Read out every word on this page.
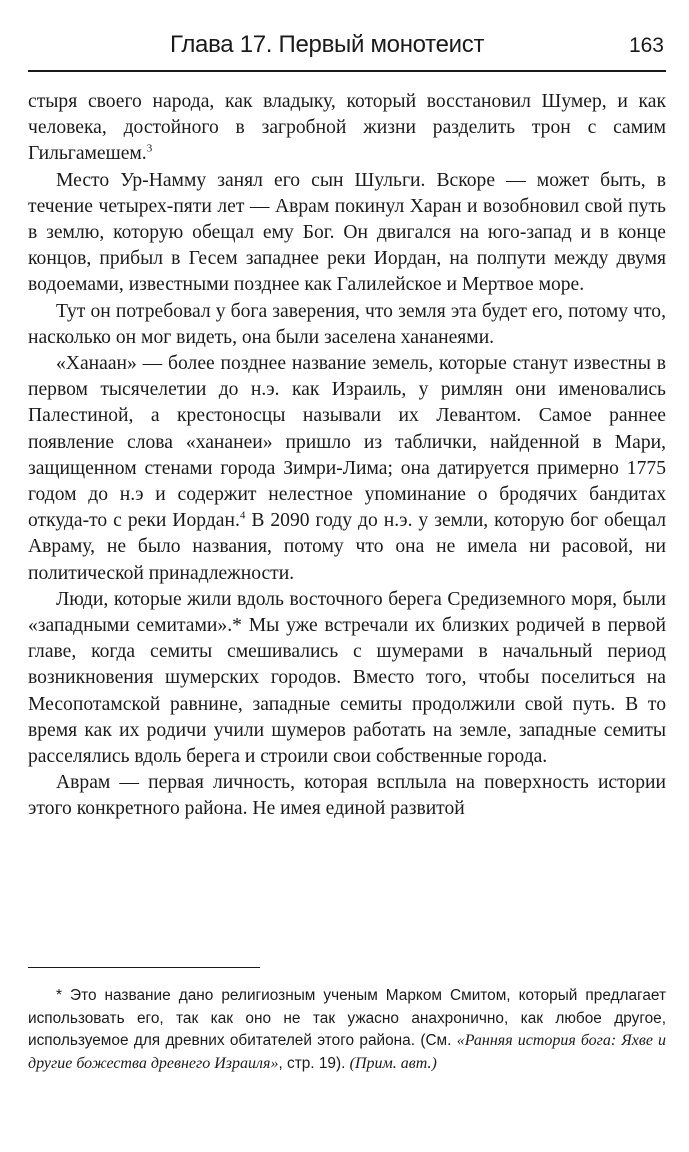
Глава 17. Первый монотеист	163

стыря своего народа, как владыку, который восстановил Шумер, и как человека, достойного в загробной жизни разделить трон с самим Гильгамешем.$^3$

Место Ур-Намму занял его сын Шульги. Вскоре — может быть, в течение четырех-пяти лет — Аврам покинул Харан и возобновил свой путь в землю, которую обещал ему Бог. Он двигался на юго-запад и в конце концов, прибыл в Гесем западнее реки Иордан, на полпути между двумя водоемами, известными позднее как Галилейское и Мертвое море.

Тут он потребовал у бога заверения, что земля эта будет его, потому что, насколько он мог видеть, она были заселена хананеями.

«Ханаан» — более позднее название земель, которые станут известны в первом тысячелетии до н.э. как Израиль, у римлян они именовались Палестиной, а крестоносцы называли их Левантом. Самое раннее появление слова «хананеи» пришло из таблички, найденной в Мари, защищенном стенами города Зимри-Лима; она датируется примерно 1775 годом до н.э и содержит нелестное упоминание о бродячих бандитах откуда-то с реки Иордан.$^4$ В 2090 году до н.э. у земли, которую бог обещал Авраму, не было названия, потому что она не имела ни расовой, ни политической принадлежности.

Люди, которые жили вдоль восточного берега Средиземного моря, были «западными семитами».* Мы уже встречали их близких родичей в первой главе, когда семиты смешивались с шумерами в начальный период возникновения шумерских городов. Вместо того, чтобы поселиться на Месопотамской равнине, западные семиты продолжили свой путь. В то время как их родичи учили шумеров работать на земле, западные семиты расселялись вдоль берега и строили свои собственные города.

Аврам — первая личность, которая всплыла на поверхность истории этого конкретного района. Не имея единой развитой

* Это название дано религиозным ученым Марком Смитом, который предлагает использовать его, так как оно не так ужасно анахронично, как любое другое, используемое для древних обитателей этого района. (См. «Ранняя история бога: Яхве и другие божества древнего Израиля», стр. 19). (Прим. авт.)
